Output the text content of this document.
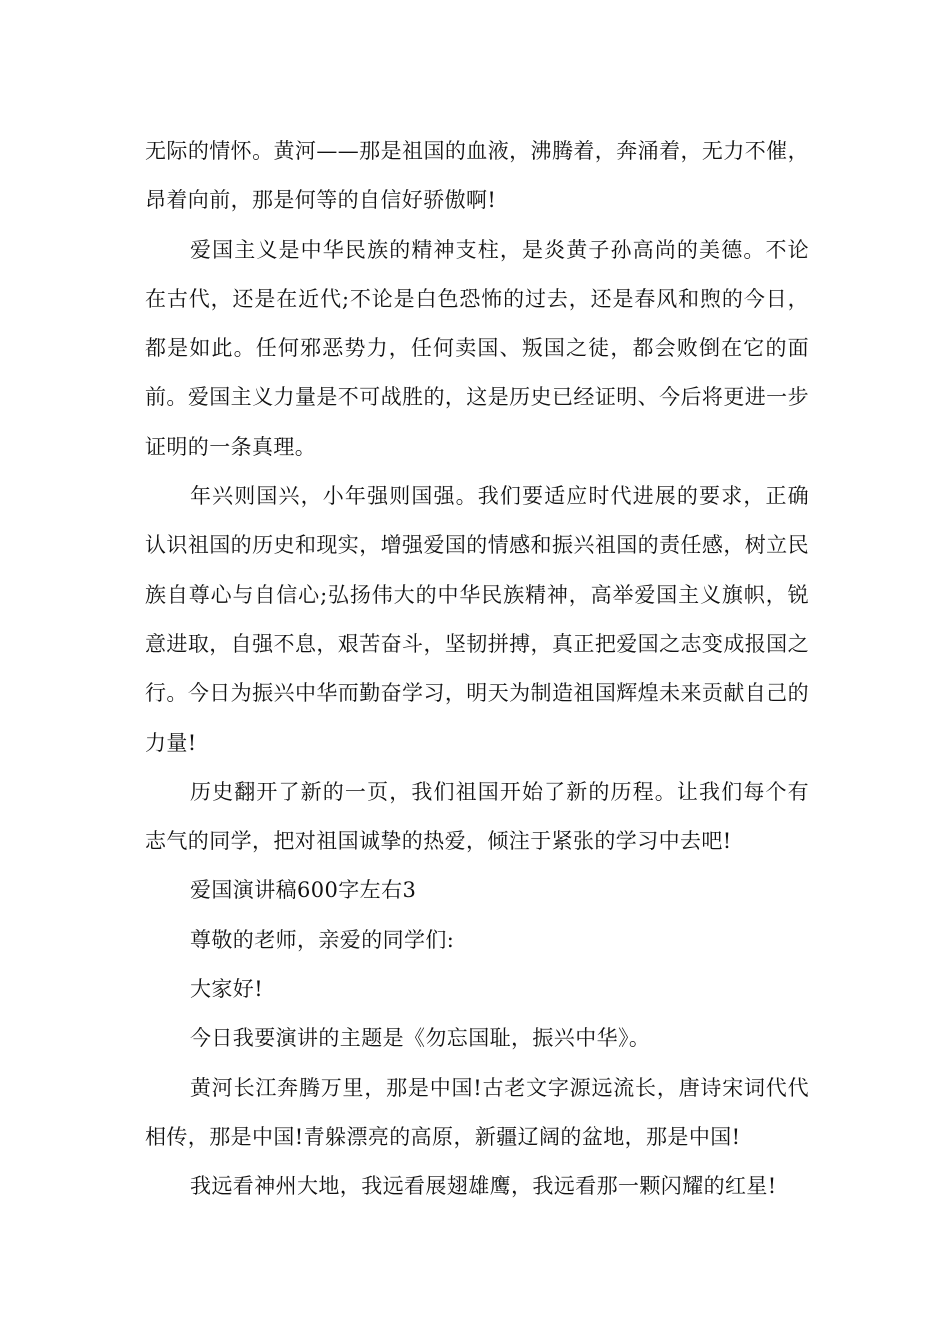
无际的情怀。黄河——那是祖国的血液，沸腾着，奔涌着，无力不催，昂着向前，那是何等的自信好骄傲啊!

爱国主义是中华民族的精神支柱，是炎黄子孙高尚的美德。不论在古代，还是在近代;不论是白色恐怖的过去，还是春风和煦的今日，都是如此。任何邪恶势力，任何卖国、叛国之徒，都会败倒在它的面前。爱国主义力量是不可战胜的，这是历史已经证明、今后将更进一步证明的一条真理。

年兴则国兴，小年强则国强。我们要适应时代进展的要求，正确认识祖国的历史和现实，增强爱国的情感和振兴祖国的责任感，树立民族自尊心与自信心;弘扬伟大的中华民族精神，高举爱国主义旗帜，锐意进取，自强不息，艰苦奋斗，坚韧拼搏，真正把爱国之志变成报国之行。今日为振兴中华而勤奋学习，明天为制造祖国辉煌未来贡献自己的力量!

历史翻开了新的一页，我们祖国开始了新的历程。让我们每个有志气的同学，把对祖国诚挚的热爱，倾注于紧张的学习中去吧!

爱国演讲稿600字左右3

尊敬的老师，亲爱的同学们:

大家好!

今日我要演讲的主题是《勿忘国耻，振兴中华》。

黄河长江奔腾万里，那是中国!古老文字源远流长，唐诗宋词代代相传，那是中国!青躲漂亮的高原，新疆辽阔的盆地，那是中国!

我远看神州大地，我远看展翅雄鹰，我远看那一颗闪耀的红星!
